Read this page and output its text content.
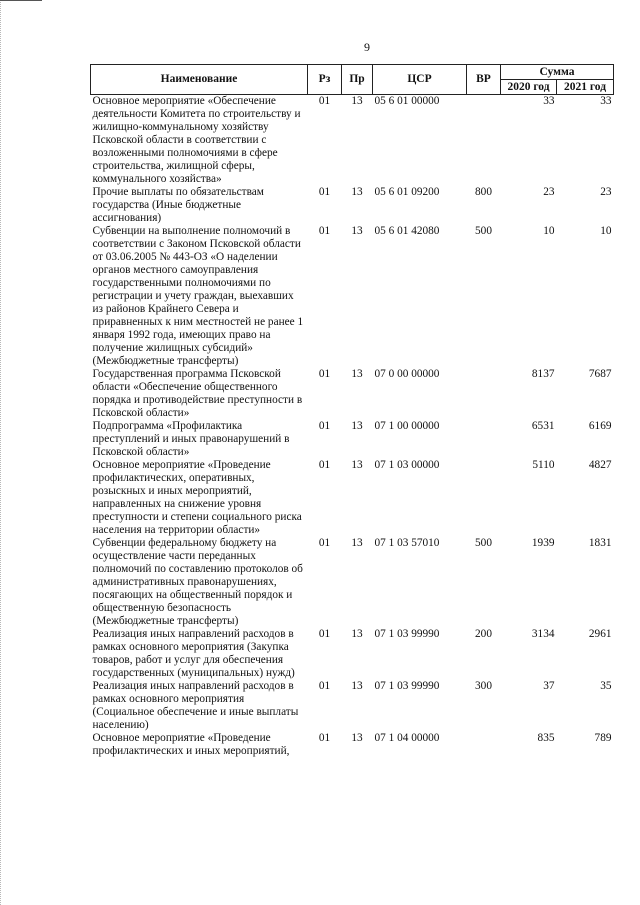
9
Наименование	Рз	Пр	ЦСР	ВР	Сумма	
					2020 год	2021 год
Основное мероприятие «Обеспечение деятельности Комитета по строительству и жилищно-коммунальному хозяйству Псковской области в соответствии с возложенными полномочиями в сфере строительства, жилищной сферы, коммунального хозяйства»	01	13	05 6 01 00000		33	33
Прочие выплаты по обязательствам государства (Иные бюджетные ассигнования)	01	13	05 6 01 09200	800	23	23
Субвенции на выполнение полномочий в соответствии с Законом Псковской области от 03.06.2005 № 443-ОЗ «О наделении органов местного самоуправления государственными полномочиями по регистрации и учету граждан, выехавших из районов Крайнего Севера и приравненных к ним местностей не ранее 1 января 1992 года, имеющих право на получение жилищных субсидий» (Межбюджетные трансферты)	01	13	05 6 01 42080	500	10	10
Государственная программа Псковской области «Обеспечение общественного порядка и противодействие преступности в Псковской области»	01	13	07 0 00 00000		8137	7687
Подпрограмма «Профилактика преступлений и иных правонарушений в Псковской области»	01	13	07 1 00 00000		6531	6169
Основное мероприятие «Проведение профилактических, оперативных, розыскных и иных мероприятий, направленных на снижение уровня преступности и степени социального риска населения на территории области»	01	13	07 1 03 00000		5110	4827
Субвенции федеральному бюджету на осуществление части переданных полномочий по составлению протоколов об административных правонарушениях, посягающих на общественный порядок и общественную безопасность (Межбюджетные трансферты)	01	13	07 1 03 57010	500	1939	1831
Реализация иных направлений расходов в рамках основного мероприятия (Закупка товаров, работ и услуг для обеспечения государственных (муниципальных) нужд)	01	13	07 1 03 99990	200	3134	2961
Реализация иных направлений расходов в рамках основного мероприятия (Социальное обеспечение и иные выплаты населению)	01	13	07 1 03 99990	300	37	35
Основное мероприятие «Проведение профилактических и иных мероприятий,	01	13	07 1 04 00000		835	789
